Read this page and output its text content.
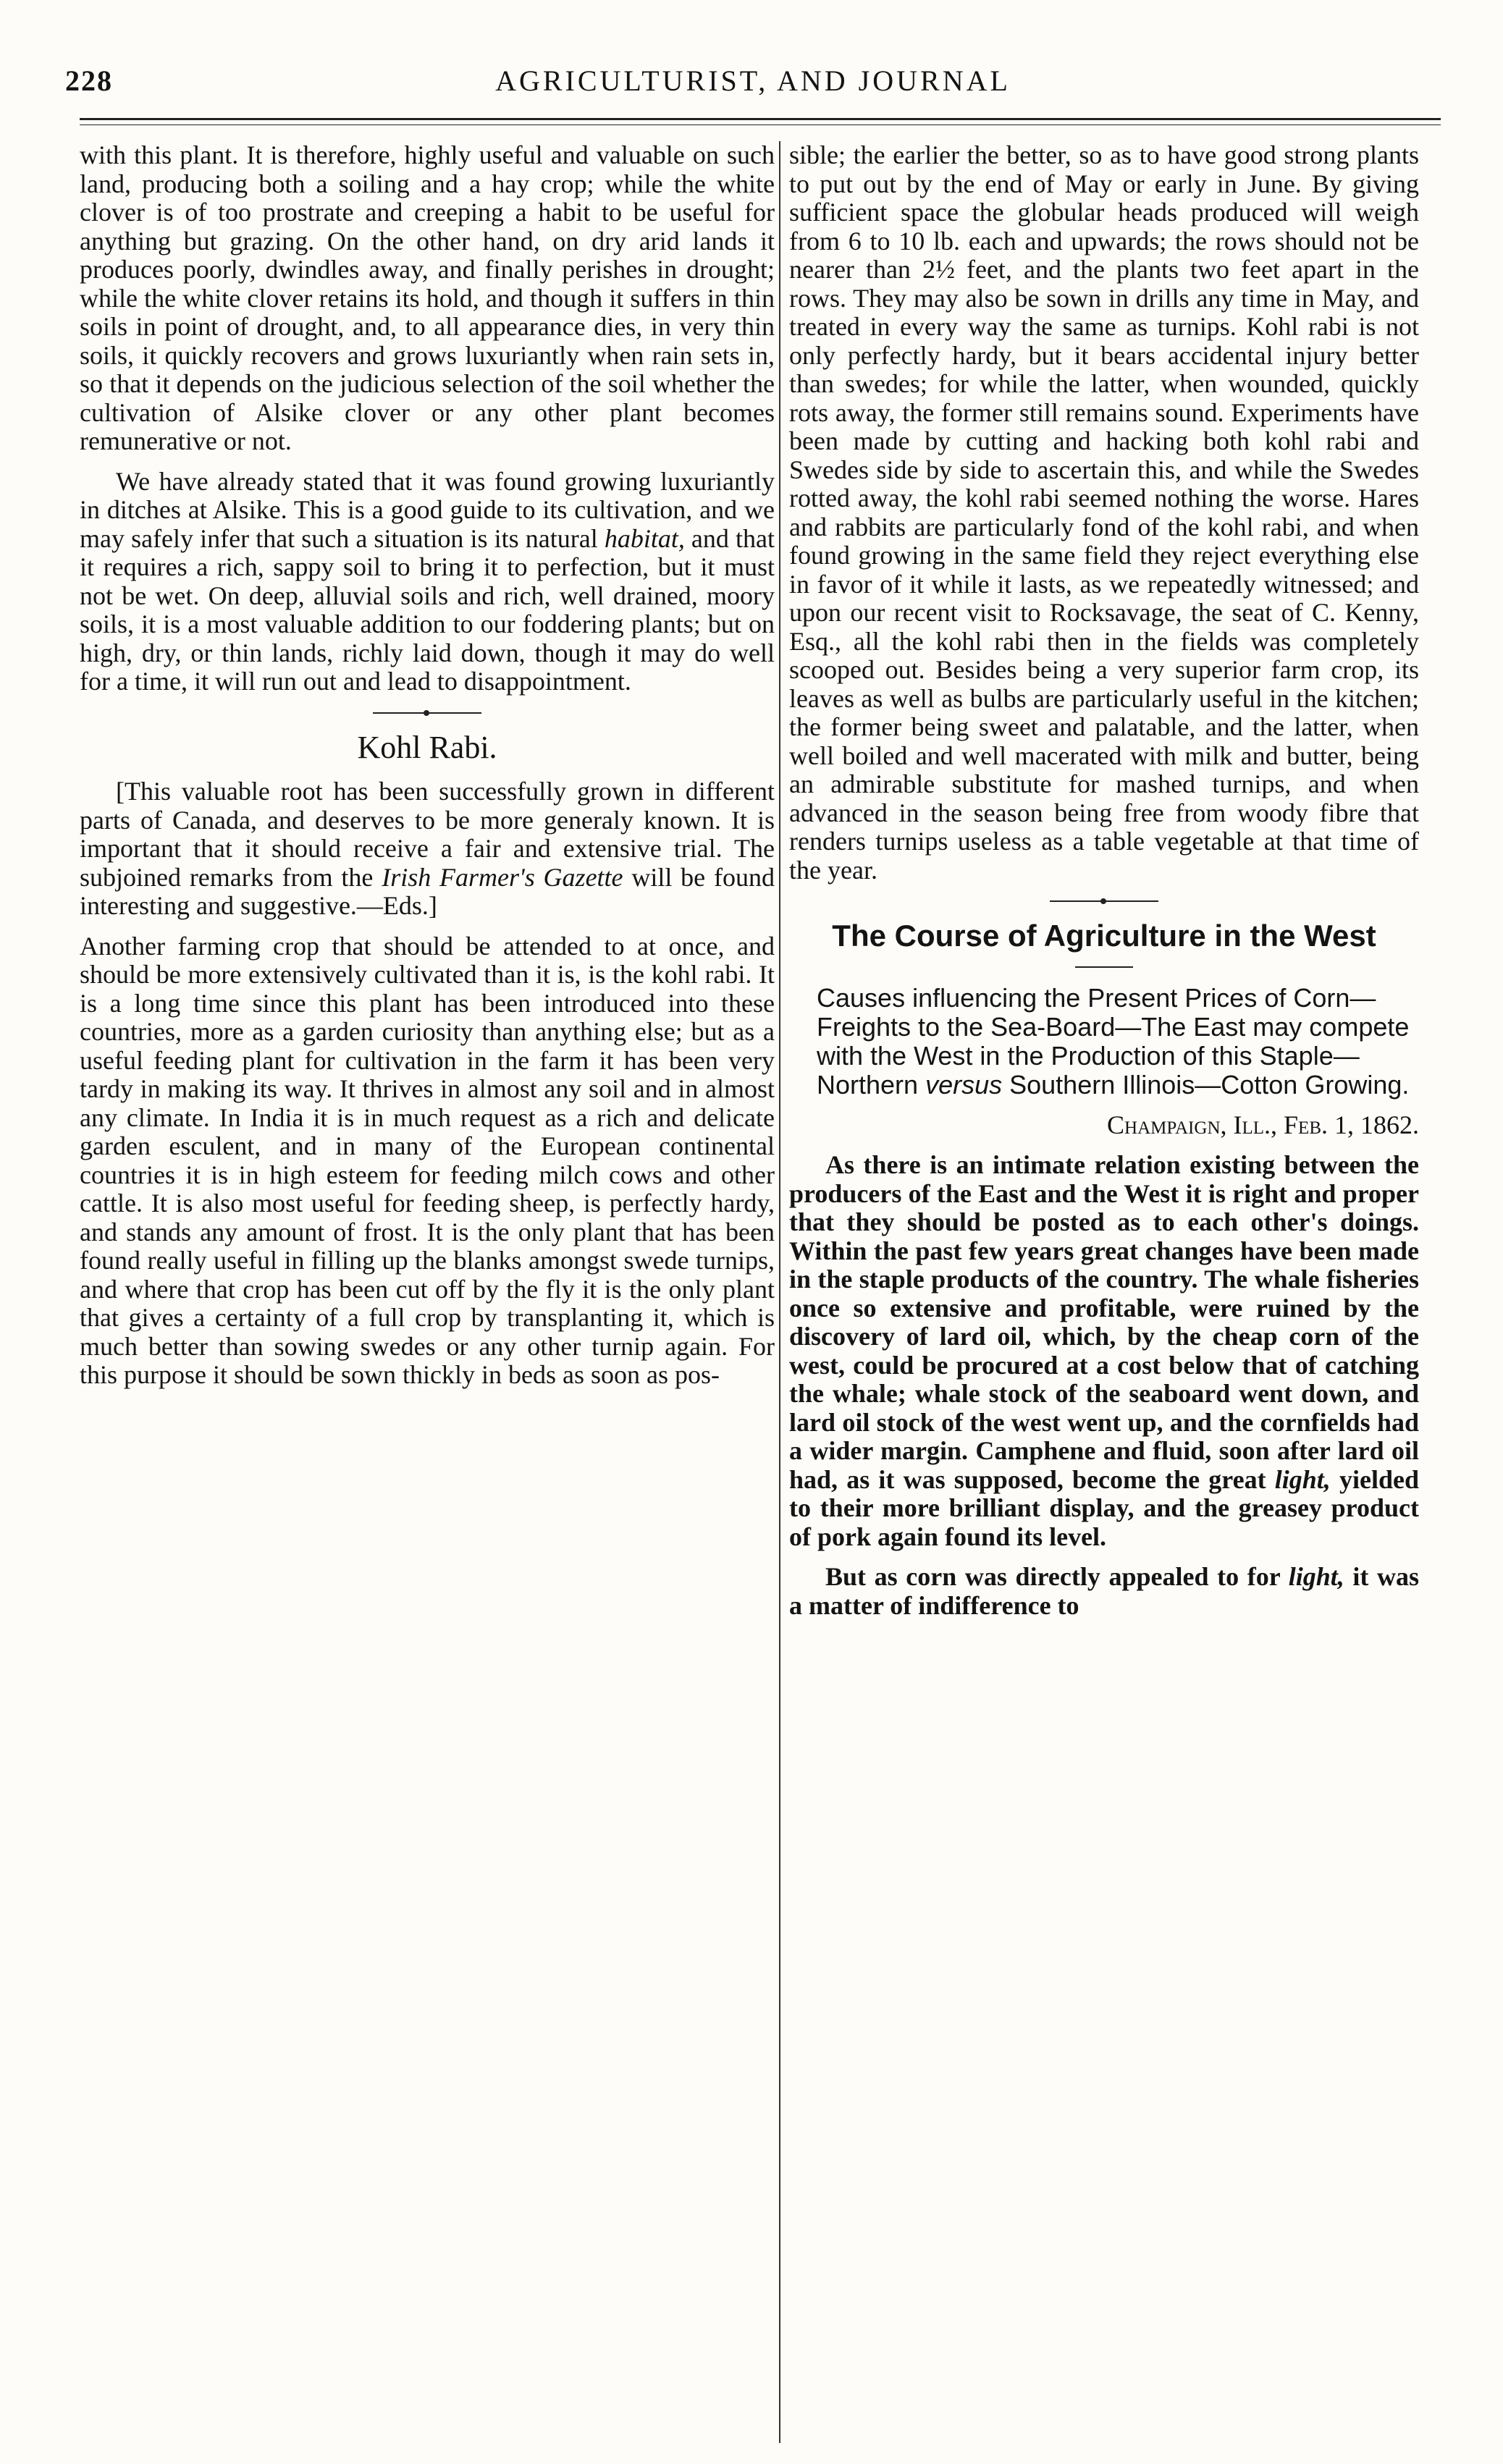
228	AGRICULTURIST, AND JOURNAL

with this plant. It is therefore, highly useful and valuable on such land, producing both a soiling and a hay crop; while the white clover is of too prostrate and creeping a habit to be useful for anything but grazing. On the other hand, on dry arid lands it produces poorly, dwindles away, and finally perishes in drought; while the white clover retains its hold, and though it suffers in thin soils in point of drought, and, to all appearance dies, in very thin soils, it quickly recovers and grows luxuriantly when rain sets in, so that it depends on the judicious selection of the soil whether the cultivation of Alsike clover or any other plant becomes remunerative or not.

We have already stated that it was found growing luxuriantly in ditches at Alsike. This is a good guide to its cultivation, and we may safely infer that such a situation is its natural habitat, and that it requires a rich, sappy soil to bring it to perfection, but it must not be wet. On deep, alluvial soils and rich, well drained, moory soils, it is a most valuable addition to our foddering plants; but on high, dry, or thin lands, richly laid down, though it may do well for a time, it will run out and lead to disappointment.

Kohl Rabi.

[This valuable root has been successfully grown in different parts of Canada, and deserves to be more generaly known. It is important that it should receive a fair and extensive trial. The subjoined remarks from the Irish Farmer's Gazette will be found interesting and suggestive.—Eds.]

Another farming crop that should be attended to at once, and should be more extensively cultivated than it is, is the kohl rabi. It is a long time since this plant has been introduced into these countries, more as a garden curiosity than anything else; but as a useful feeding plant for cultivation in the farm it has been very tardy in making its way. It thrives in almost any soil and in almost any climate. In India it is in much request as a rich and delicate garden esculent, and in many of the European continental countries it is in high esteem for feeding milch cows and other cattle. It is also most useful for feeding sheep, is perfectly hardy, and stands any amount of frost. It is the only plant that has been found really useful in filling up the blanks amongst swede turnips, and where that crop has been cut off by the fly it is the only plant that gives a certainty of a full crop by transplanting it, which is much better than sowing swedes or any other turnip again. For this purpose it should be sown thickly in beds as soon as pos-

sible; the earlier the better, so as to have good strong plants to put out by the end of May or early in June. By giving sufficient space the globular heads produced will weigh from 6 to 10 lb. each and upwards; the rows should not be nearer than 2½ feet, and the plants two feet apart in the rows. They may also be sown in drills any time in May, and treated in every way the same as turnips. Kohl rabi is not only perfectly hardy, but it bears accidental injury better than swedes; for while the latter, when wounded, quickly rots away, the former still remains sound. Experiments have been made by cutting and hacking both kohl rabi and Swedes side by side to ascertain this, and while the Swedes rotted away, the kohl rabi seemed nothing the worse. Hares and rabbits are particularly fond of the kohl rabi, and when found growing in the same field they reject everything else in favor of it while it lasts, as we repeatedly witnessed; and upon our recent visit to Rocksavage, the seat of C. Kenny, Esq., all the kohl rabi then in the fields was completely scooped out. Besides being a very superior farm crop, its leaves as well as bulbs are particularly useful in the kitchen; the former being sweet and palatable, and the latter, when well boiled and well macerated with milk and butter, being an admirable substitute for mashed turnips, and when advanced in the season being free from woody fibre that renders turnips useless as a table vegetable at that time of the year.

The Course of Agriculture in the West

Causes influencing the Present Prices of Corn—Freights to the Sea-Board—The East may compete with the West in the Production of this Staple—Northern versus Southern Illinois—Cotton Growing.

Champaign, Ill., Feb. 1, 1862.

As there is an intimate relation existing between the producers of the East and the West it is right and proper that they should be posted as to each other's doings. Within the past few years great changes have been made in the staple products of the country. The whale fisheries once so extensive and profitable, were ruined by the discovery of lard oil, which, by the cheap corn of the west, could be procured at a cost below that of catching the whale; whale stock of the seaboard went down, and lard oil stock of the west went up, and the cornfields had a wider margin. Camphene and fluid, soon after lard oil had, as it was supposed, become the great light, yielded to their more brilliant display, and the greasey product of pork again found its level.

But as corn was directly appealed to for light, it was a matter of indifference to
